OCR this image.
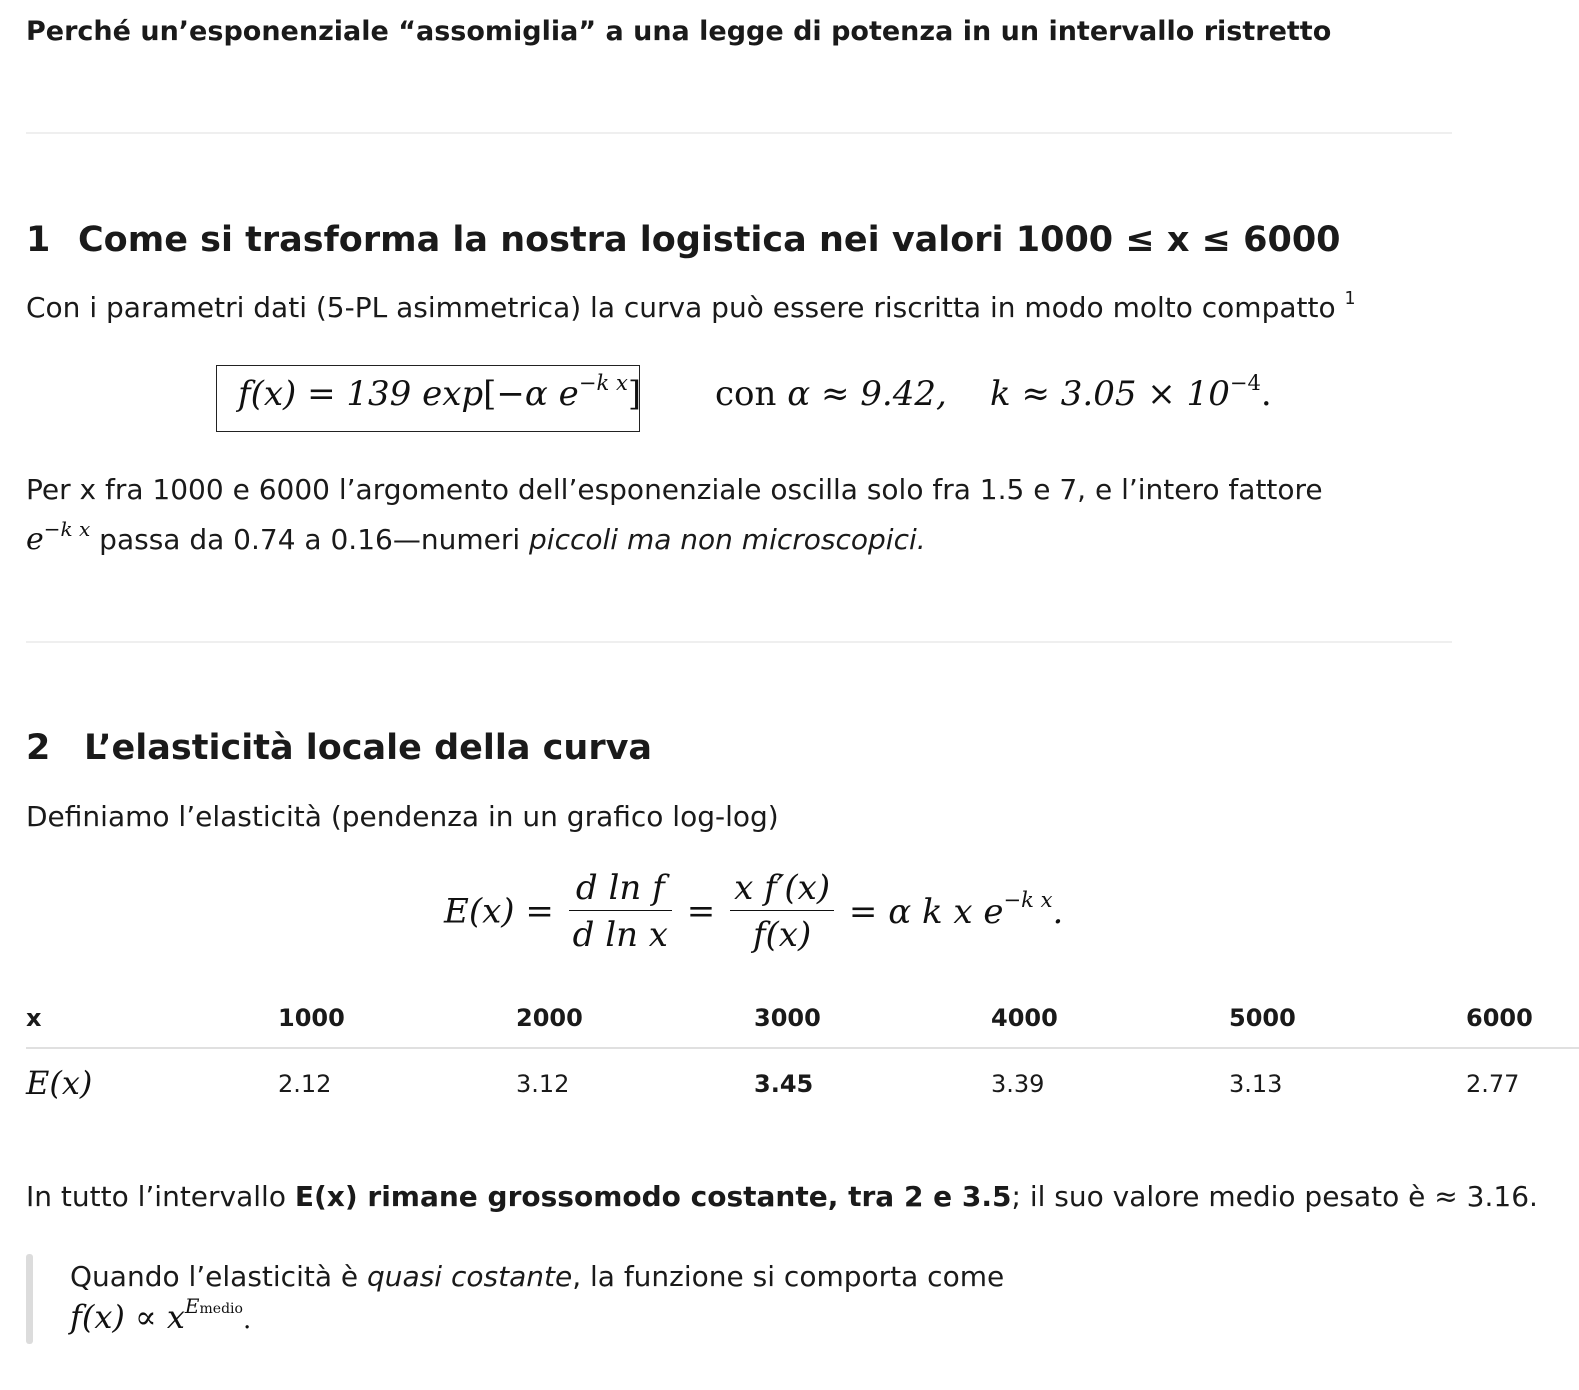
Perché un’esponenziale “assomiglia” a una legge di potenza in un intervallo ristretto
1 Come si trasforma la nostra logistica nei valori 1000 ≤ x ≤ 6000
Con i parametri dati (5-PL asimmetrica) la curva può essere riscritta in modo molto compatto $^1$
f(x) = 139 exp[−α $e^{-k x}$] con α ≈ 9.42, $k \approx 3.05 \times 10^{-4}$.
Per x fra 1000 e 6000 l’argomento dell’esponenziale oscilla solo fra 1.5 e 7, e l’intero fattore
$e^{-k x}$ passa da 0.74 a 0.16—numeri piccoli ma non microscopici.
2 L’elasticità locale della curva
Definiamo l’elasticità (pendenza in un grafico log-log)
$E(x) = \frac{\text{d ln f}}{\text{d ln x}} = \frac{\text{x f′(x)}}{f(x)} = \alpha$ k x $e^{-k x}$.
x	1000	2000	3000	4000	5000	6000
E(x)	2.12	3.12	3.45	3.39	3.13	2.77
In tutto l’intervallo E(x) rimane grossomodo costante, tra 2 e 3.5; il suo valore medio pesato è ≈ 3.16.
Quando l’elasticità è quasi costante, la funzione si comporta come
$f(x) \propto x^{Emedio}$.
